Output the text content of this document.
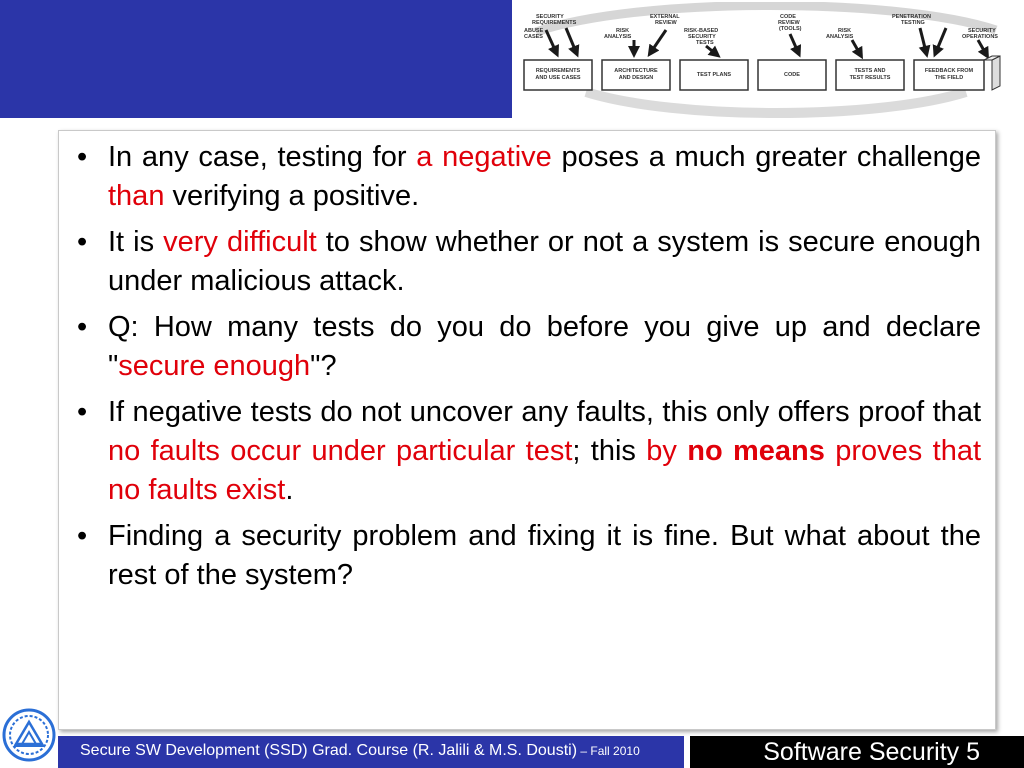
SECURITY
REQUIREMENTS
EXTERNAL
REVIEW
CODE
REVIEW
(TOOLS)
PENETRATION
TESTING
ABUSE
CASES
RISK
ANALYSIS
RISK-BASED
SECURITY
TESTS
RISK
ANALYSIS
SECURITY
OPERATIONS
REQUIREMENTS
AND USE CASES
ARCHITECTURE
AND DESIGN	TEST PLANS	CODE
TESTS AND
TEST RESULTS
FEEDBACK FROM
THE FIELD
• In any case, testing for a negative poses a much greater challenge than verifying a positive.
• It is very difficult to show whether or not a system is secure enough under malicious attack.
• Q: How many tests do you do before you give up and declare "secure enough"?
• If negative tests do not uncover any faults, this only offers proof that no faults occur under particular test; this by no means proves that no faults exist.
• Finding a security problem and fixing it is fine. But what about the rest of the system?
Secure SW Development (SSD) Grad. Course (R. Jalili & M.S. Dousti) – Fall 2010	Software Security 5
